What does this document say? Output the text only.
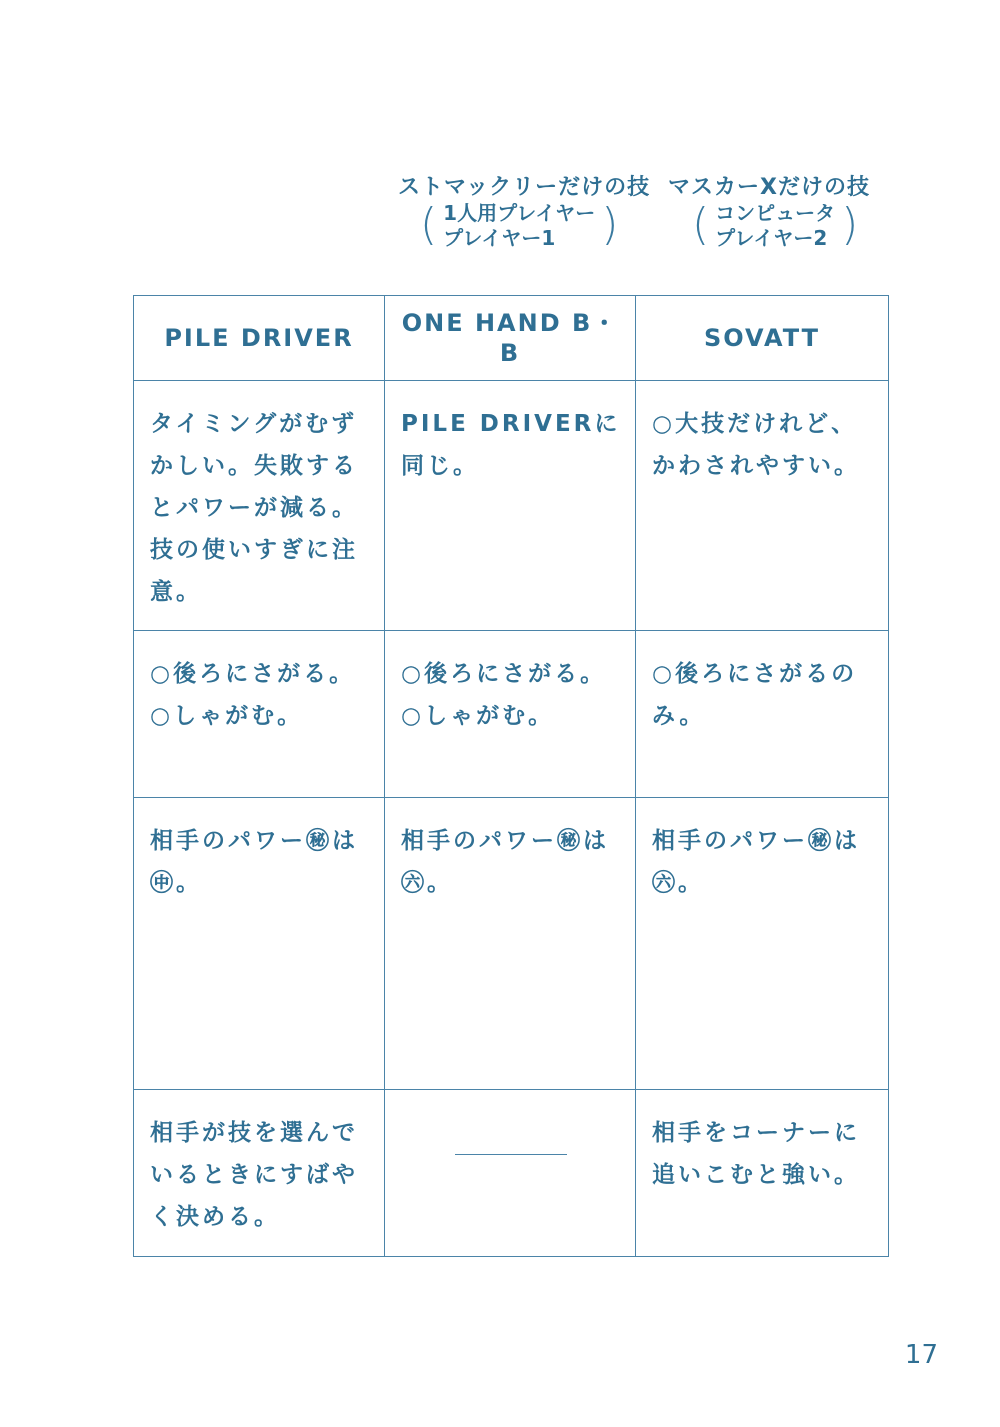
ストマックリーだけの技
( 1人用プレイヤー
プレイヤー1	)
マスカーXだけの技
( コンピュータ
プレイヤー2 )
PILE DRIVER	ONE HAND B・B	SOVATT

タイミングがむず
かしい。失敗する
とパワーが減る。
技の使いすぎに注
意。	PILE DRIVERに
同じ。	○大技だけれど、
かわされやすい。

○後ろにさがる。
○しゃがむ。	○後ろにさがる。
○しゃがむ。	○後ろにさがるの
み。

相手のパワー㊙は
㊥。	相手のパワー㊙は
㊅。	相手のパワー㊙は
㊅。

相手が技を選んで
いるときにすばや
く決める。		相手をコーナーに
追いこむと強い。
17
